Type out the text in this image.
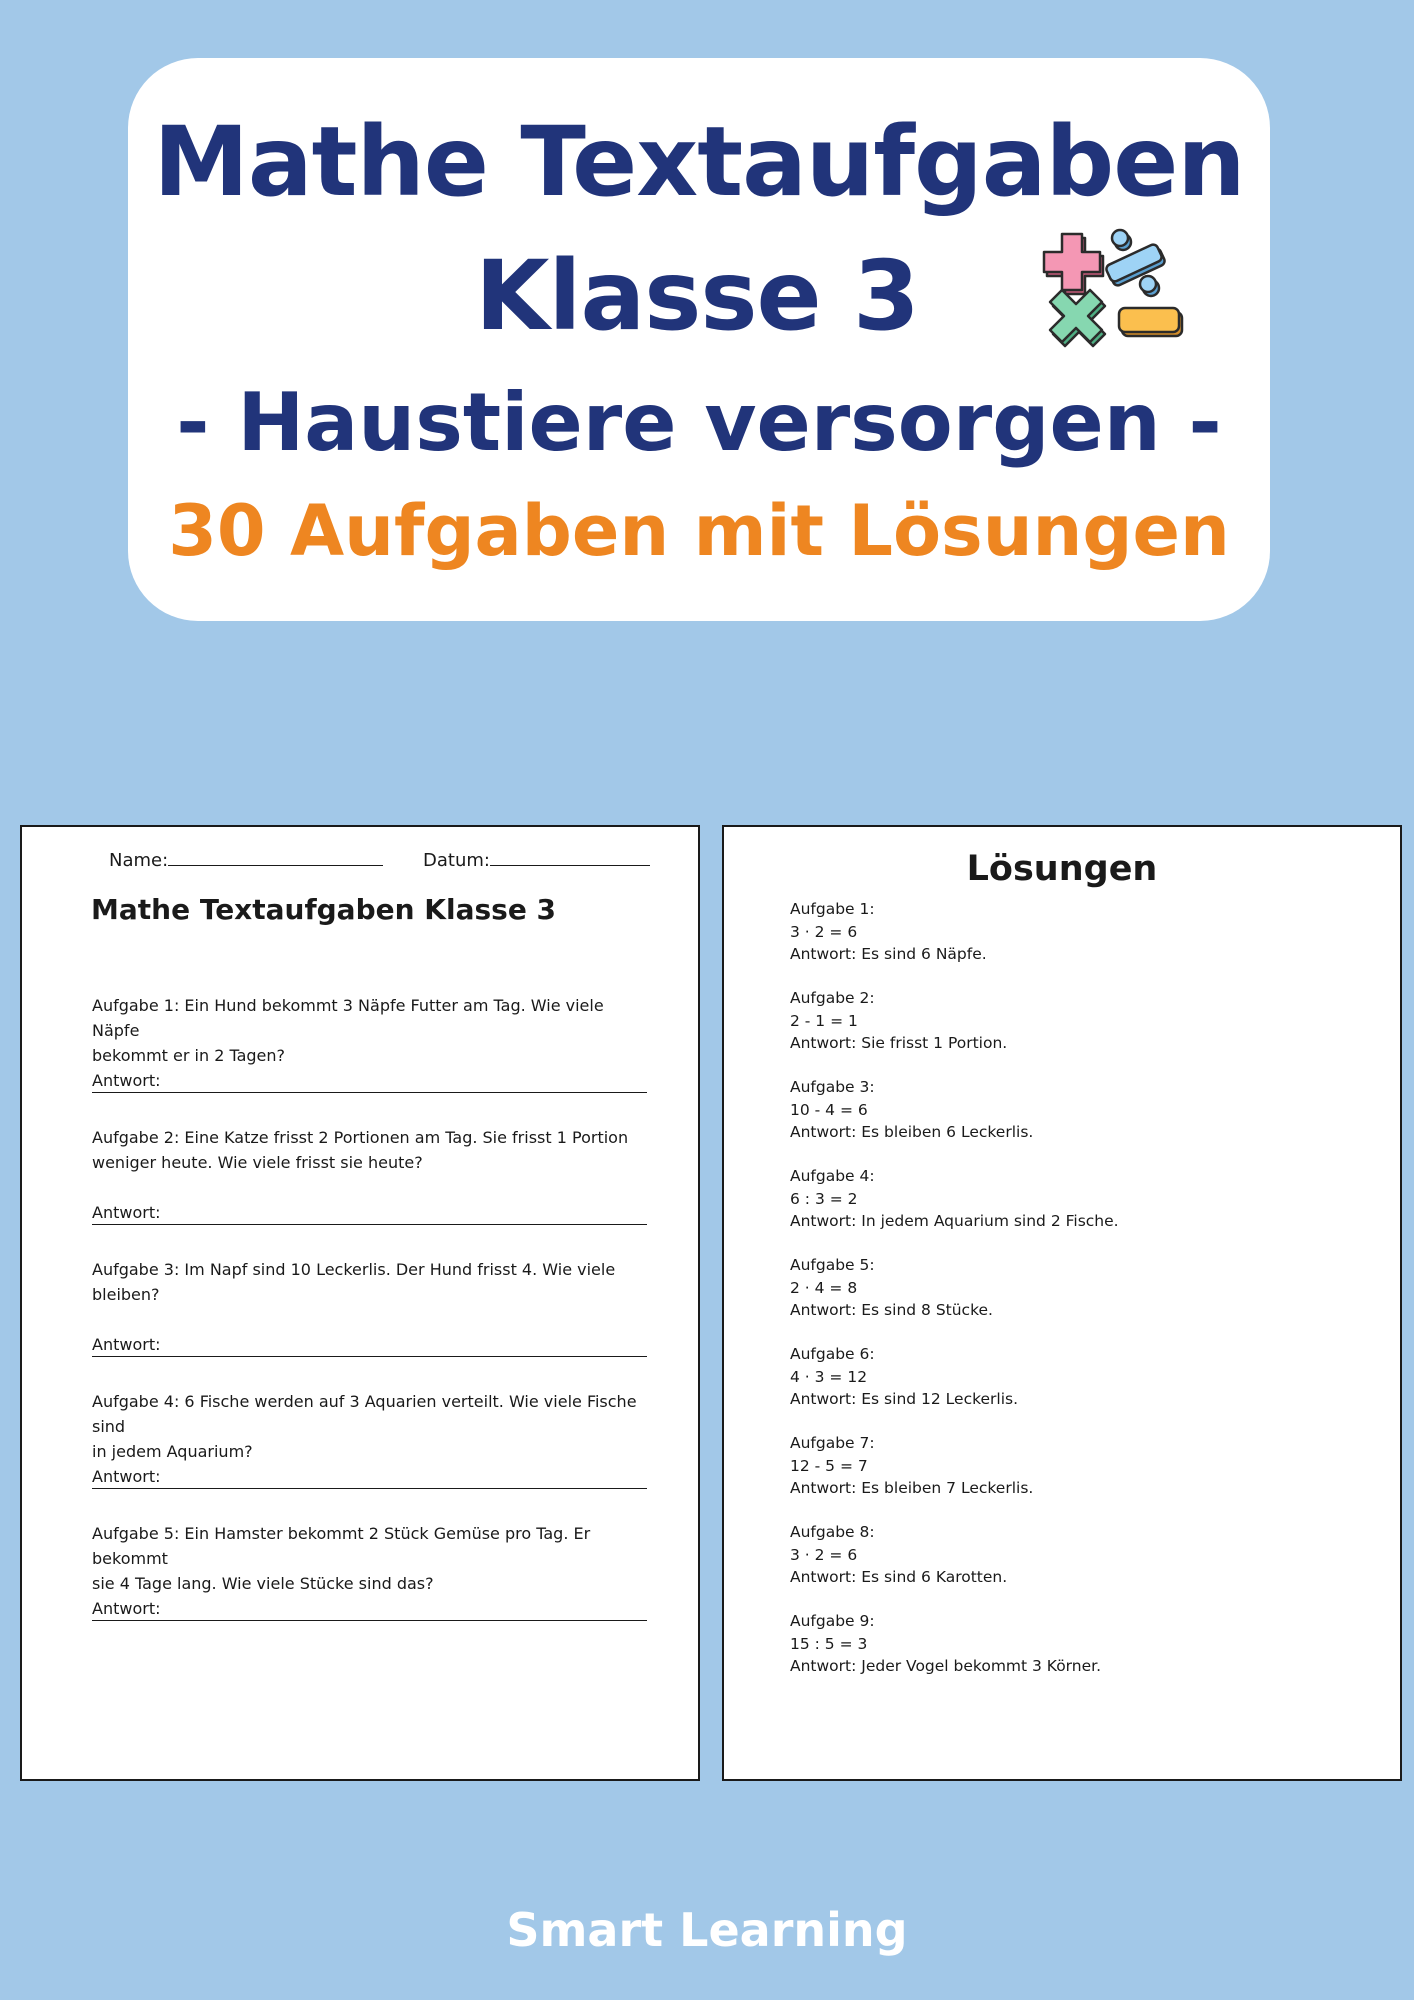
Mathe Textaufgaben
Klasse 3
- Haustiere versorgen -
30 Aufgaben mit Lösungen
Name:	Datum:
Mathe Textaufgaben Klasse 3
Aufgabe 1: Ein Hund bekommt 3 Näpfe Futter am Tag. Wie viele Näpfe
bekommt er in 2 Tagen?
Antwort:
Aufgabe 2: Eine Katze frisst 2 Portionen am Tag. Sie frisst 1 Portion
weniger heute. Wie viele frisst sie heute?
Antwort:
Aufgabe 3: Im Napf sind 10 Leckerlis. Der Hund frisst 4. Wie viele
bleiben?
Antwort:
Aufgabe 4: 6 Fische werden auf 3 Aquarien verteilt. Wie viele Fische sind
in jedem Aquarium?
Antwort:
Aufgabe 5: Ein Hamster bekommt 2 Stück Gemüse pro Tag. Er bekommt
sie 4 Tage lang. Wie viele Stücke sind das?
Antwort:
Lösungen
Aufgabe 1:
3 · 2 = 6
Antwort: Es sind 6 Näpfe.
Aufgabe 2:
2 - 1 = 1
Antwort: Sie frisst 1 Portion.
Aufgabe 3:
10 - 4 = 6
Antwort: Es bleiben 6 Leckerlis.
Aufgabe 4:
6 : 3 = 2
Antwort: In jedem Aquarium sind 2 Fische.
Aufgabe 5:
2 · 4 = 8
Antwort: Es sind 8 Stücke.
Aufgabe 6:
4 · 3 = 12
Antwort: Es sind 12 Leckerlis.
Aufgabe 7:
12 - 5 = 7
Antwort: Es bleiben 7 Leckerlis.
Aufgabe 8:
3 · 2 = 6
Antwort: Es sind 6 Karotten.
Aufgabe 9:
15 : 5 = 3
Antwort: Jeder Vogel bekommt 3 Körner.
Smart Learning
